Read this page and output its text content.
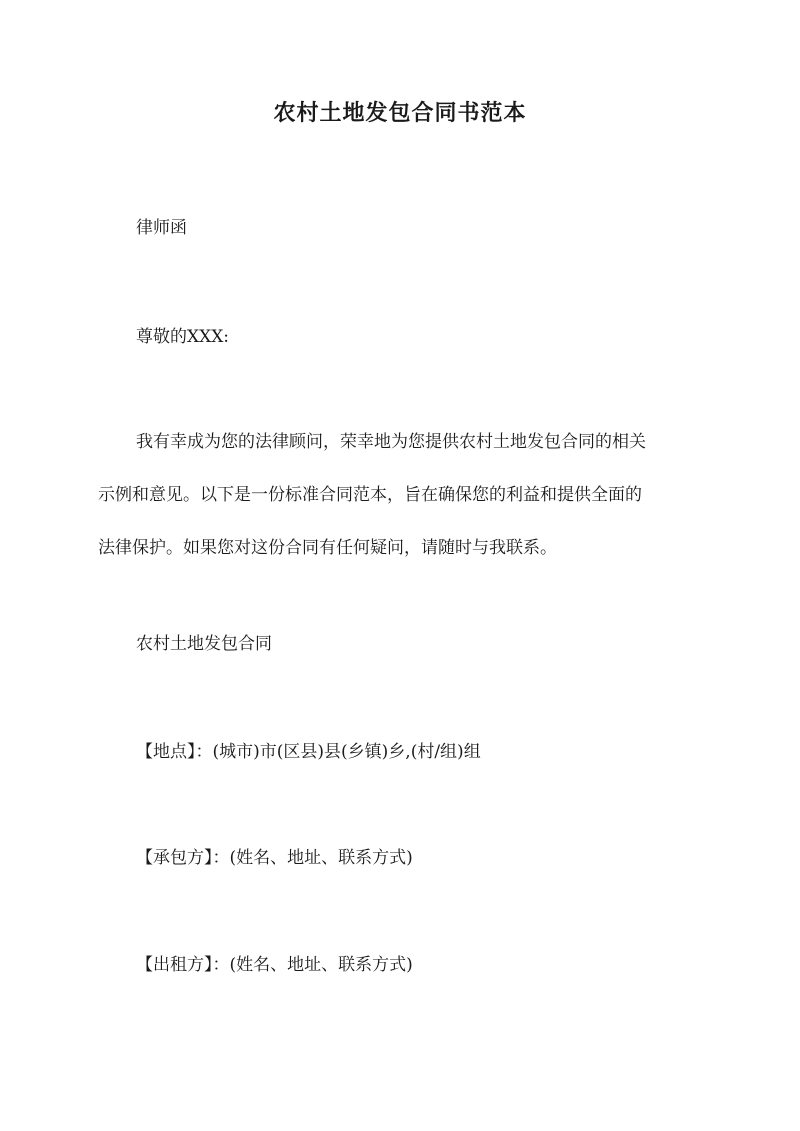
农村土地发包合同书范本
律师函
尊敬的XXX:
我有幸成为您的法律顾问，荣幸地为您提供农村土地发包合同的相关
示例和意见。以下是一份标准合同范本，旨在确保您的利益和提供全面的
法律保护。如果您对这份合同有任何疑问，请随时与我联系。
农村土地发包合同
【地点】：(城市)市(区县)县(乡镇)乡,(村/组)组
【承包方】：(姓名、地址、联系方式)
【出租方】：(姓名、地址、联系方式)
